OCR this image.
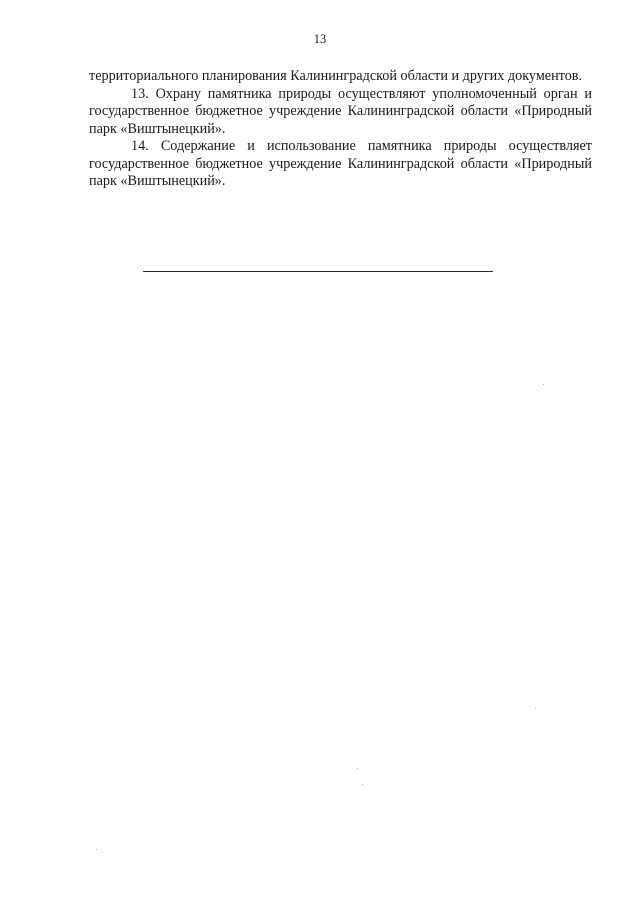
13

территориального планирования Калининградской области и других документов.

13. Охрану памятника природы осуществляют уполномоченный орган и государственное бюджетное учреждение Калининградской области «Природный парк «Виштынецкий».

14. Содержание и использование памятника природы осуществляет государственное бюджетное учреждение Калининградской области «Природный парк «Виштынецкий».
